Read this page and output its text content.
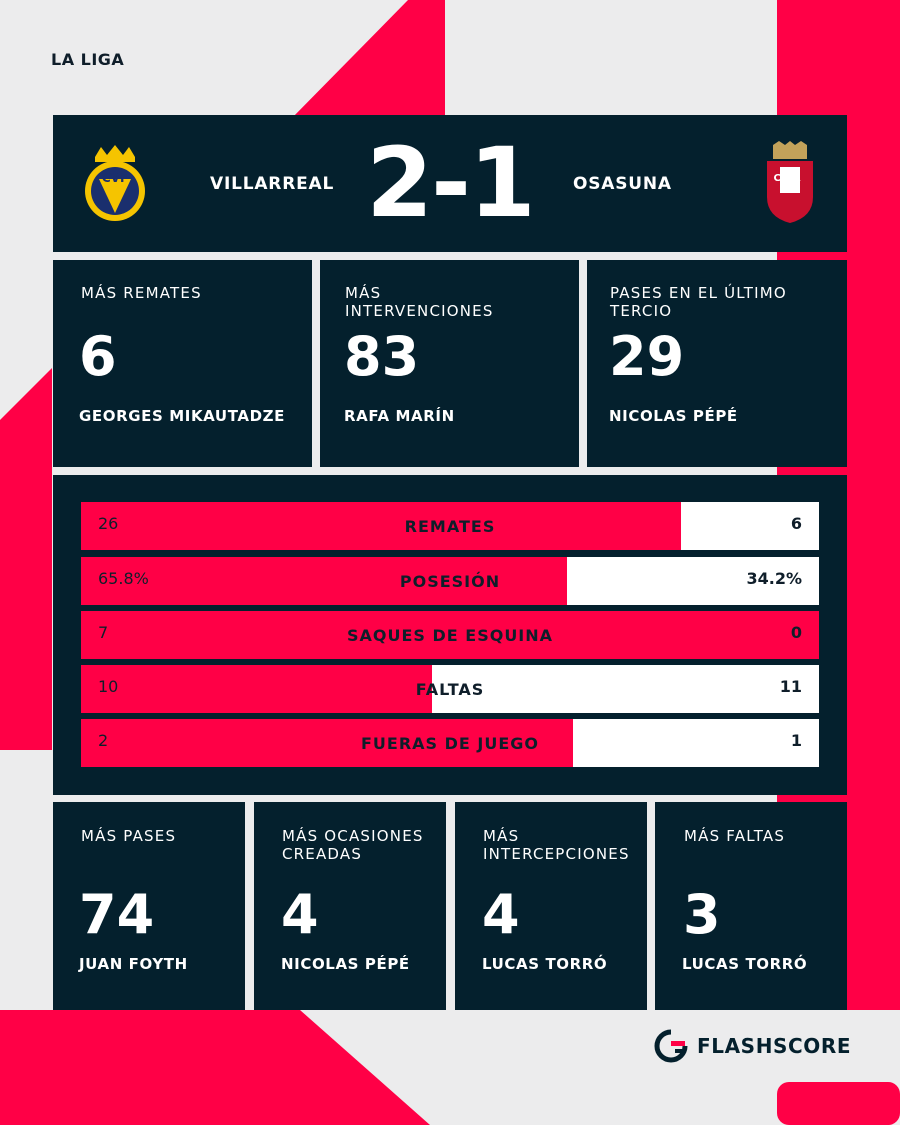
LA LIGA
CVF	VILLARREAL 2-1	OSASUNA	CA
MÁS REMATES
6
GEORGES MIKAUTADZE
MÁS INTERVENCIONES
83
RAFA MARÍN
PASES EN EL ÚLTIMO TERCIO
29
NICOLAS PÉPÉ
26	REMATES	6
65.8%	POSESIÓN	34.2%
7	SAQUES DE ESQUINA	0
10	FALTAS	11
2	FUERAS DE JUEGO	1
MÁS PASES
74
JUAN FOYTH
MÁS OCASIONES CREADAS
4
NICOLAS PÉPÉ
MÁS INTERCEPCIONES
4
LUCAS TORRÓ
MÁS FALTAS
3
LUCAS TORRÓ
FLASHSCORE
